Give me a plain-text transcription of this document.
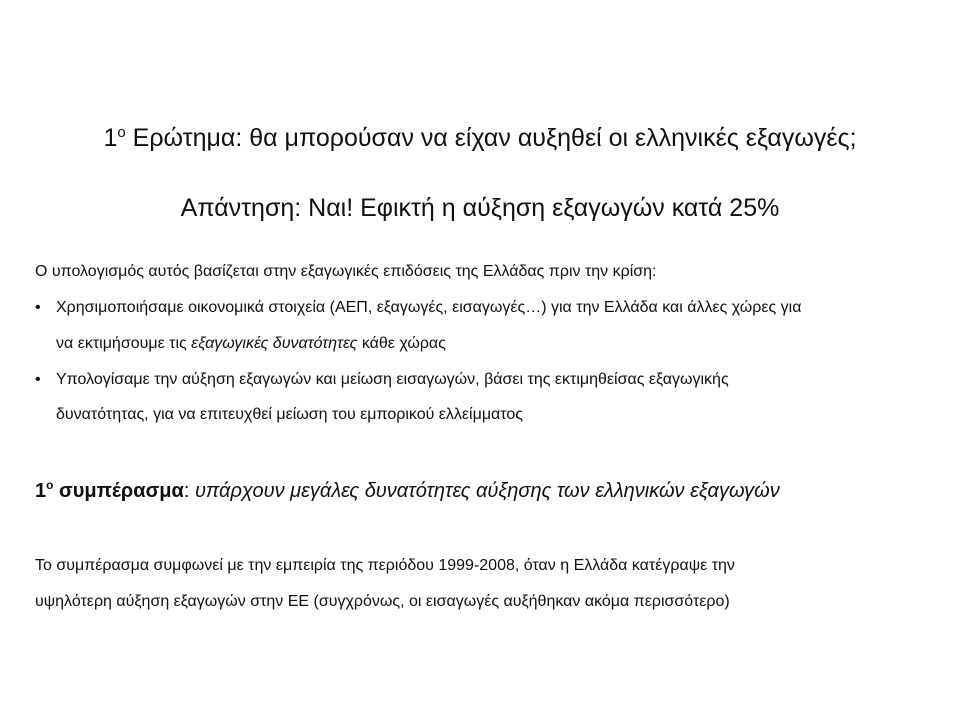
$1^o$ Ερώτημα: θα μπορούσαν να είχαν αυξηθεί οι ελληνικές εξαγωγές;
Απάντηση: Ναι! Εφικτή η αύξηση εξαγωγών κατά 25%
Ο υπολογισμός αυτός βασίζεται στην εξαγωγικές επιδόσεις της Ελλάδας πριν την κρίση:
• Χρησιμοποιήσαμε οικονομικά στοιχεία (ΑΕΠ, εξαγωγές, εισαγωγές…) για την Ελλάδα και άλλες χώρες για
να εκτιμήσουμε τις εξαγωγικές δυνατότητες κάθε χώρας
• Υπολογίσαμε την αύξηση εξαγωγών και μείωση εισαγωγών, βάσει της εκτιμηθείσας εξαγωγικής
δυνατότητας, για να επιτευχθεί μείωση του εμπορικού ελλείμματος
$1^o$ συμπέρασμα: υπάρχουν μεγάλες δυνατότητες αύξησης των ελληνικών εξαγωγών
Το συμπέρασμα συμφωνεί με την εμπειρία της περιόδου 1999-2008, όταν η Ελλάδα κατέγραψε την
υψηλότερη αύξηση εξαγωγών στην ΕΕ (συγχρόνως, οι εισαγωγές αυξήθηκαν ακόμα περισσότερο)
